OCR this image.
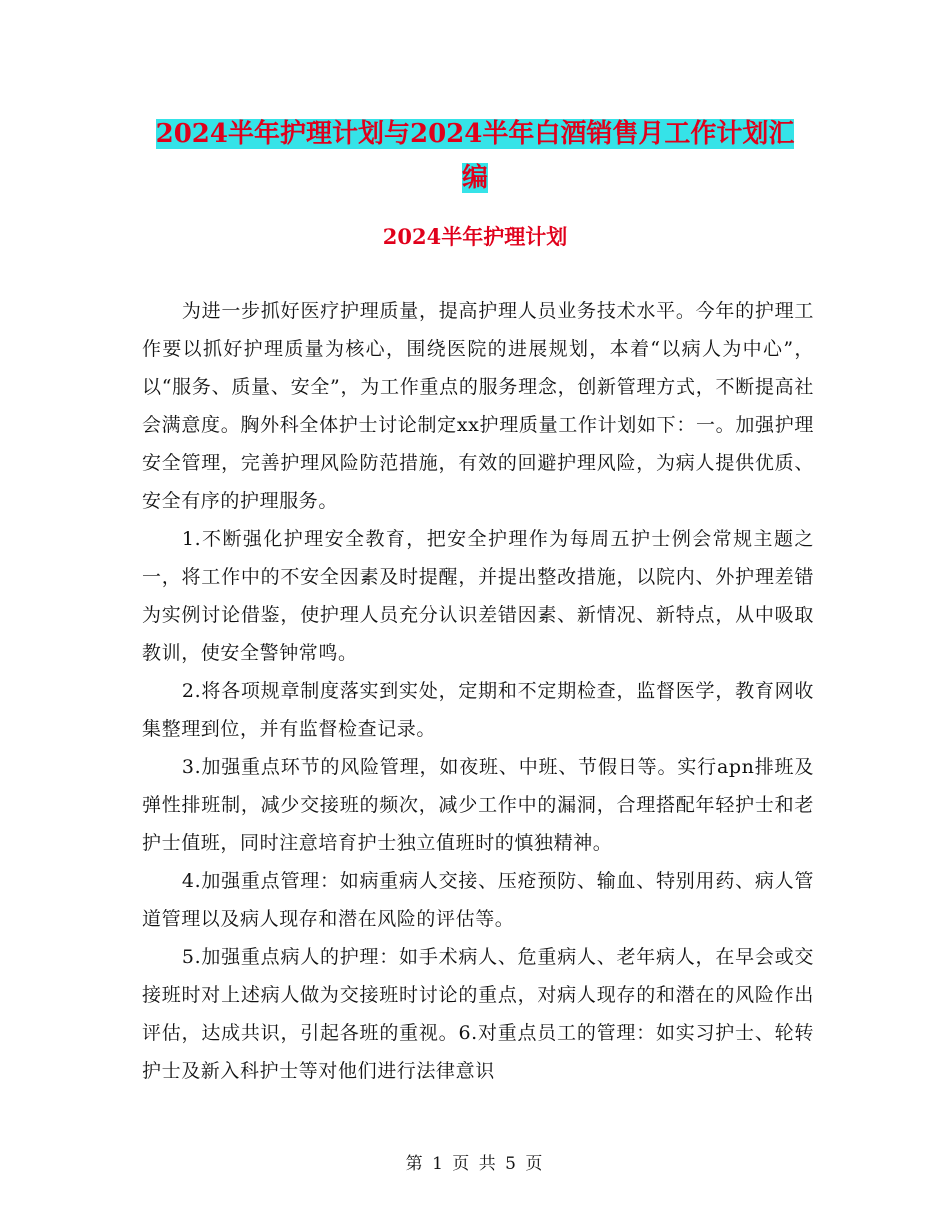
2024半年护理计划与2024半年白酒销售月工作计划汇
编
2024半年护理计划

为进一步抓好医疗护理质量，提高护理人员业务技术水平。今年的护理工作要以抓好护理质量为核心，围绕医院的进展规划，本着“以病人为中心”，以“服务、质量、安全”，为工作重点的服务理念，创新管理方式，不断提高社会满意度。胸外科全体护士讨论制定xx护理质量工作计划如下：一。加强护理安全管理，完善护理风险防范措施，有效的回避护理风险，为病人提供优质、安全有序的护理服务。

1.不断强化护理安全教育，把安全护理作为每周五护士例会常规主题之一，将工作中的不安全因素及时提醒，并提出整改措施，以院内、外护理差错为实例讨论借鉴，使护理人员充分认识差错因素、新情况、新特点，从中吸取教训，使安全警钟常鸣。

2.将各项规章制度落实到实处，定期和不定期检查，监督医学，教育网收集整理到位，并有监督检查记录。

3.加强重点环节的风险管理，如夜班、中班、节假日等。实行apn排班及弹性排班制，减少交接班的频次，减少工作中的漏洞，合理搭配年轻护士和老护士值班，同时注意培育护士独立值班时的慎独精神。

4.加强重点管理：如病重病人交接、压疮预防、输血、特别用药、病人管道管理以及病人现存和潜在风险的评估等。

5.加强重点病人的护理：如手术病人、危重病人、老年病人，在早会或交接班时对上述病人做为交接班时讨论的重点，对病人现存的和潜在的风险作出评估，达成共识，引起各班的重视。6.对重点员工的管理：如实习护士、轮转护士及新入科护士等对他们进行法律意识

第 1 页 共 5 页
